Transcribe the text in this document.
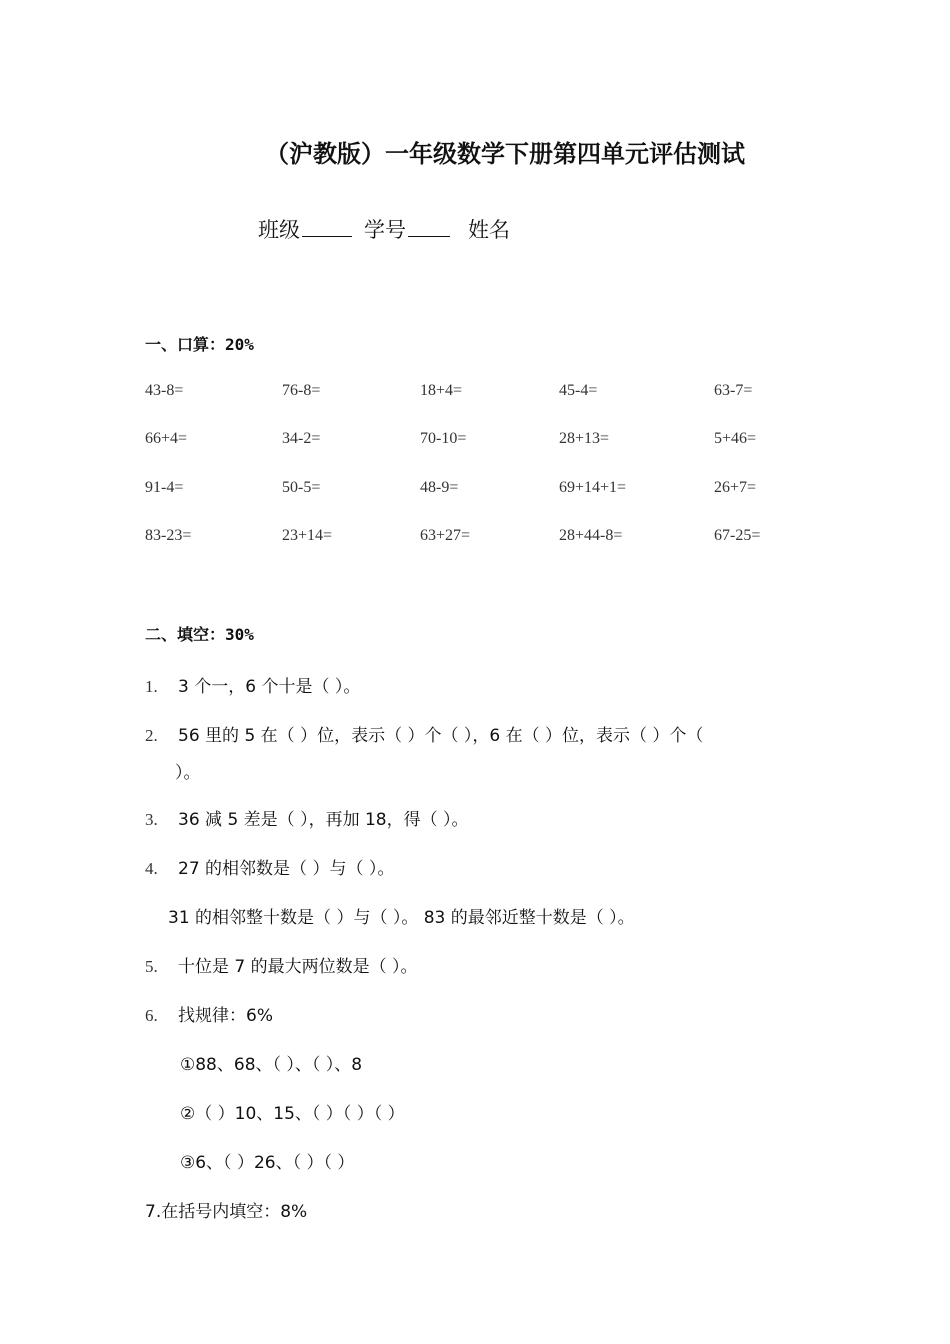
（沪教版）一年级数学下册第四单元评估测试
班级	学号	姓名
一、口算：20%
43-8=	76-8=	18+4=	45-4=	63-7=
66+4=	34-2=	70-10=	28+13=	5+46=
91-4=	50-5=	48-9=	69+14+1=	26+7=
83-23=	23+14=	63+27=	28+44-8=	67-25=
二、填空：30%
1. 3 个一，6 个十是（ ）。
2. 56 里的 5 在（ ）位，表示（ ）个（ ），6 在（ ）位，表示（ ）个（
）。
3. 36 减 5 差是（ ），再加 18，得（ ）。
4. 27 的相邻数是（ ）与（ ）。
31 的相邻整十数是（ ）与（ ）。 83 的最邻近整十数是（ ）。
5. 十位是 7 的最大两位数是（ ）。
6. 找规律：6%
①88、68、（ ）、（ ）、8
②（ ）10、15、（ ）（ ）（ ）
③6、（ ）26、（ ）（ ）
7.在括号内填空：8%
